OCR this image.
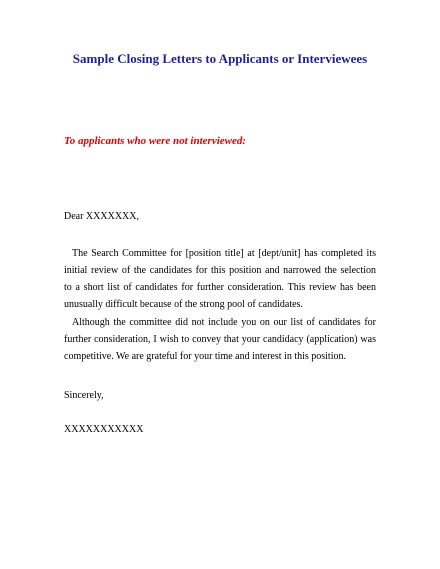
Sample Closing Letters to Applicants or Interviewees
To applicants who were not interviewed:
Dear XXXXXXX,
The Search Committee for [position title] at [dept/unit] has completed its
initial review of the candidates for this position and narrowed the selection
to a short list of candidates for further consideration. This review has been
unusually difficult because of the strong pool of candidates.
Although the committee did not include you on our list of candidates for
further consideration, I wish to convey that your candidacy (application) was
competitive. We are grateful for your time and interest in this position.
Sincerely,
XXXXXXXXXXX
